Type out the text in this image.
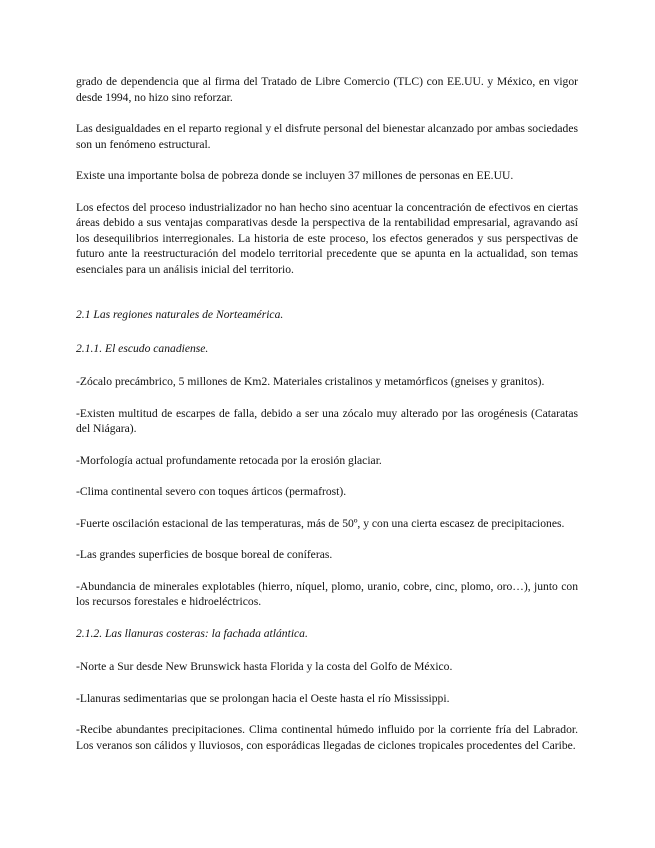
grado de dependencia que al firma del Tratado de Libre Comercio (TLC) con EE.UU. y México, en vigor desde 1994, no hizo sino reforzar.

Las desigualdades en el reparto regional y el disfrute personal del bienestar alcanzado por ambas sociedades son un fenómeno estructural.

Existe una importante bolsa de pobreza donde se incluyen 37 millones de personas en EE.UU.

Los efectos del proceso industrializador no han hecho sino acentuar la concentración de efectivos en ciertas áreas debido a sus ventajas comparativas desde la perspectiva de la rentabilidad empresarial, agravando así los desequilibrios interregionales. La historia de este proceso, los efectos generados y sus perspectivas de futuro ante la reestructuración del modelo territorial precedente que se apunta en la actualidad, son temas esenciales para un análisis inicial del territorio.

2.1 Las regiones naturales de Norteamérica.

2.1.1. El escudo canadiense.

-Zócalo precámbrico, 5 millones de Km2. Materiales cristalinos y metamórficos (gneises y granitos).

-Existen multitud de escarpes de falla, debido a ser una zócalo muy alterado por las orogénesis (Cataratas del Niágara).

-Morfología actual profundamente retocada por la erosión glaciar.

-Clima continental severo con toques árticos (permafrost).

-Fuerte oscilación estacional de las temperaturas, más de 50º, y con una cierta escasez de precipitaciones.

-Las grandes superficies de bosque boreal de coníferas.

-Abundancia de minerales explotables (hierro, níquel, plomo, uranio, cobre, cinc, plomo, oro…), junto con los recursos forestales e hidroeléctricos.

2.1.2. Las llanuras costeras: la fachada atlántica.

-Norte a Sur desde New Brunswick hasta Florida y la costa del Golfo de México.

-Llanuras sedimentarias que se prolongan hacia el Oeste hasta el río Mississippi.

-Recibe abundantes precipitaciones. Clima continental húmedo influido por la corriente fría del Labrador. Los veranos son cálidos y lluviosos, con esporádicas llegadas de ciclones tropicales procedentes del Caribe.
